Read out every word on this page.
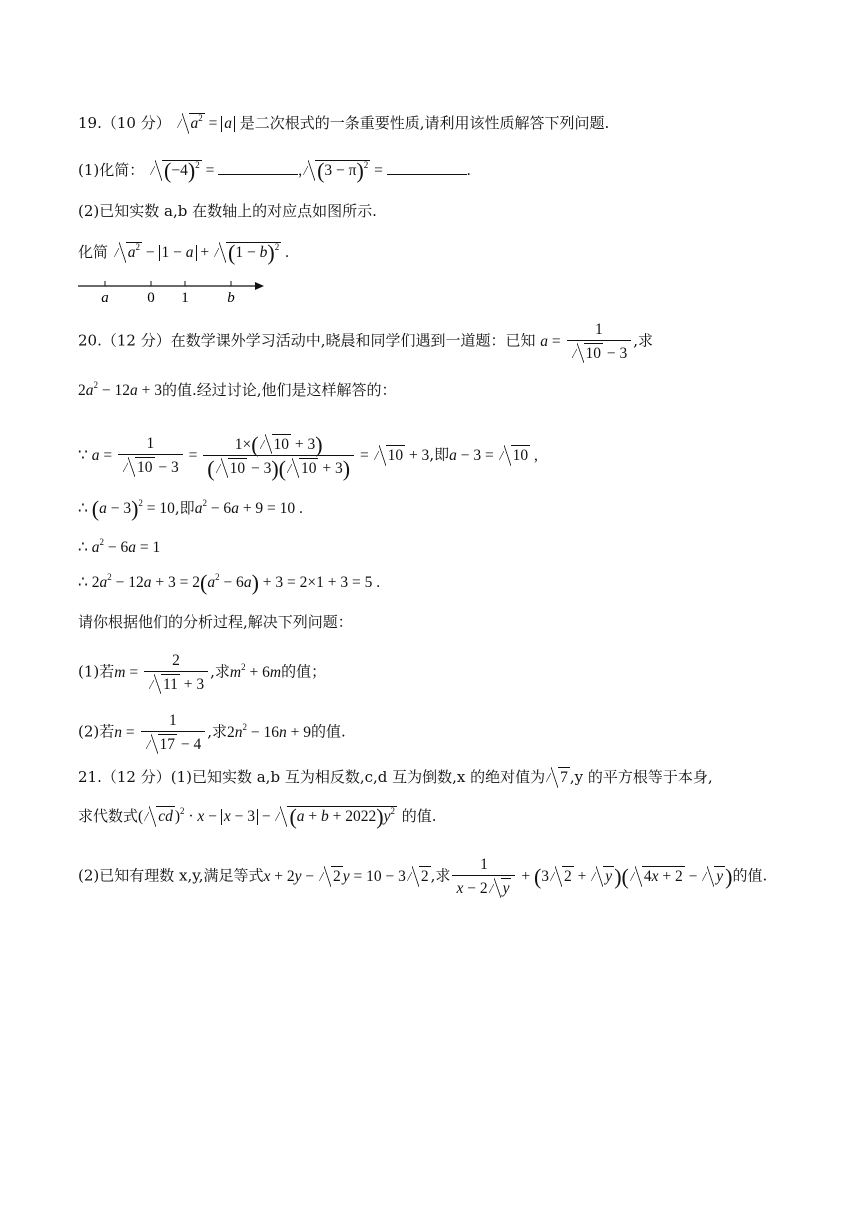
19.（10 分） $a^2 = a$ 是二次根式的一条重要性质,请利用该性质解答下列问题.
(1)化简： $(-4)^2$ =	, $(3 - \pi)^2$ =	.
(2)已知实数 a,b 在数轴上的对应点如图所示.
化简 $a^2 - 1 - a + (1 - b)^2$ .
a	0 1	b
20.（12 分）在数学课外学习活动中,晓晨和同学们遇到一道题：已知 $a = \frac{1}{10 - 3}$ ,求
$2a^2 - 12a + 3$的值.经过讨论,他们是这样解答的：
∵ $a = \frac{1}{10 - 3} = \frac{1\times( 10 + 3)}{( 10 - 3)( 10 + 3)} = 10 + 3$,即a − 3 = 10 ,
∴ $(a - 3)^2 = 10$,即$a^2 - 6a + 9 = 10$ .
∴ $a^2 - 6a = 1$
∴ $2a^2 - 12a + 3 = 2(a^2 - 6a) + 3 = 2\times 1 + 3 = 5$ .
请你根据他们的分析过程,解决下列问题：
(1)若$m = \frac{2}{11 + 3}$ ,求$m^2 + 6m$的值；
(2)若$n = \frac{1}{17 - 4}$ ,求$2n^2 - 16n + 9$的值.
21.（12 分）(1)已知实数 a,b 互为相反数,c,d 互为倒数,x 的绝对值为 7 ,y 的平方根等于本身,
求代数式( cd )$^2 \cdot x - x - 3 - (a + b + 2022)y^2$ 的值.
(2)已知有理数 x,y,满足等式x + 2y − 2 y = 10 − 3 2 ,求 $\frac{1}{x - 2 y} + (3$ 2 + y)( 4x + 2 − y)的值.
